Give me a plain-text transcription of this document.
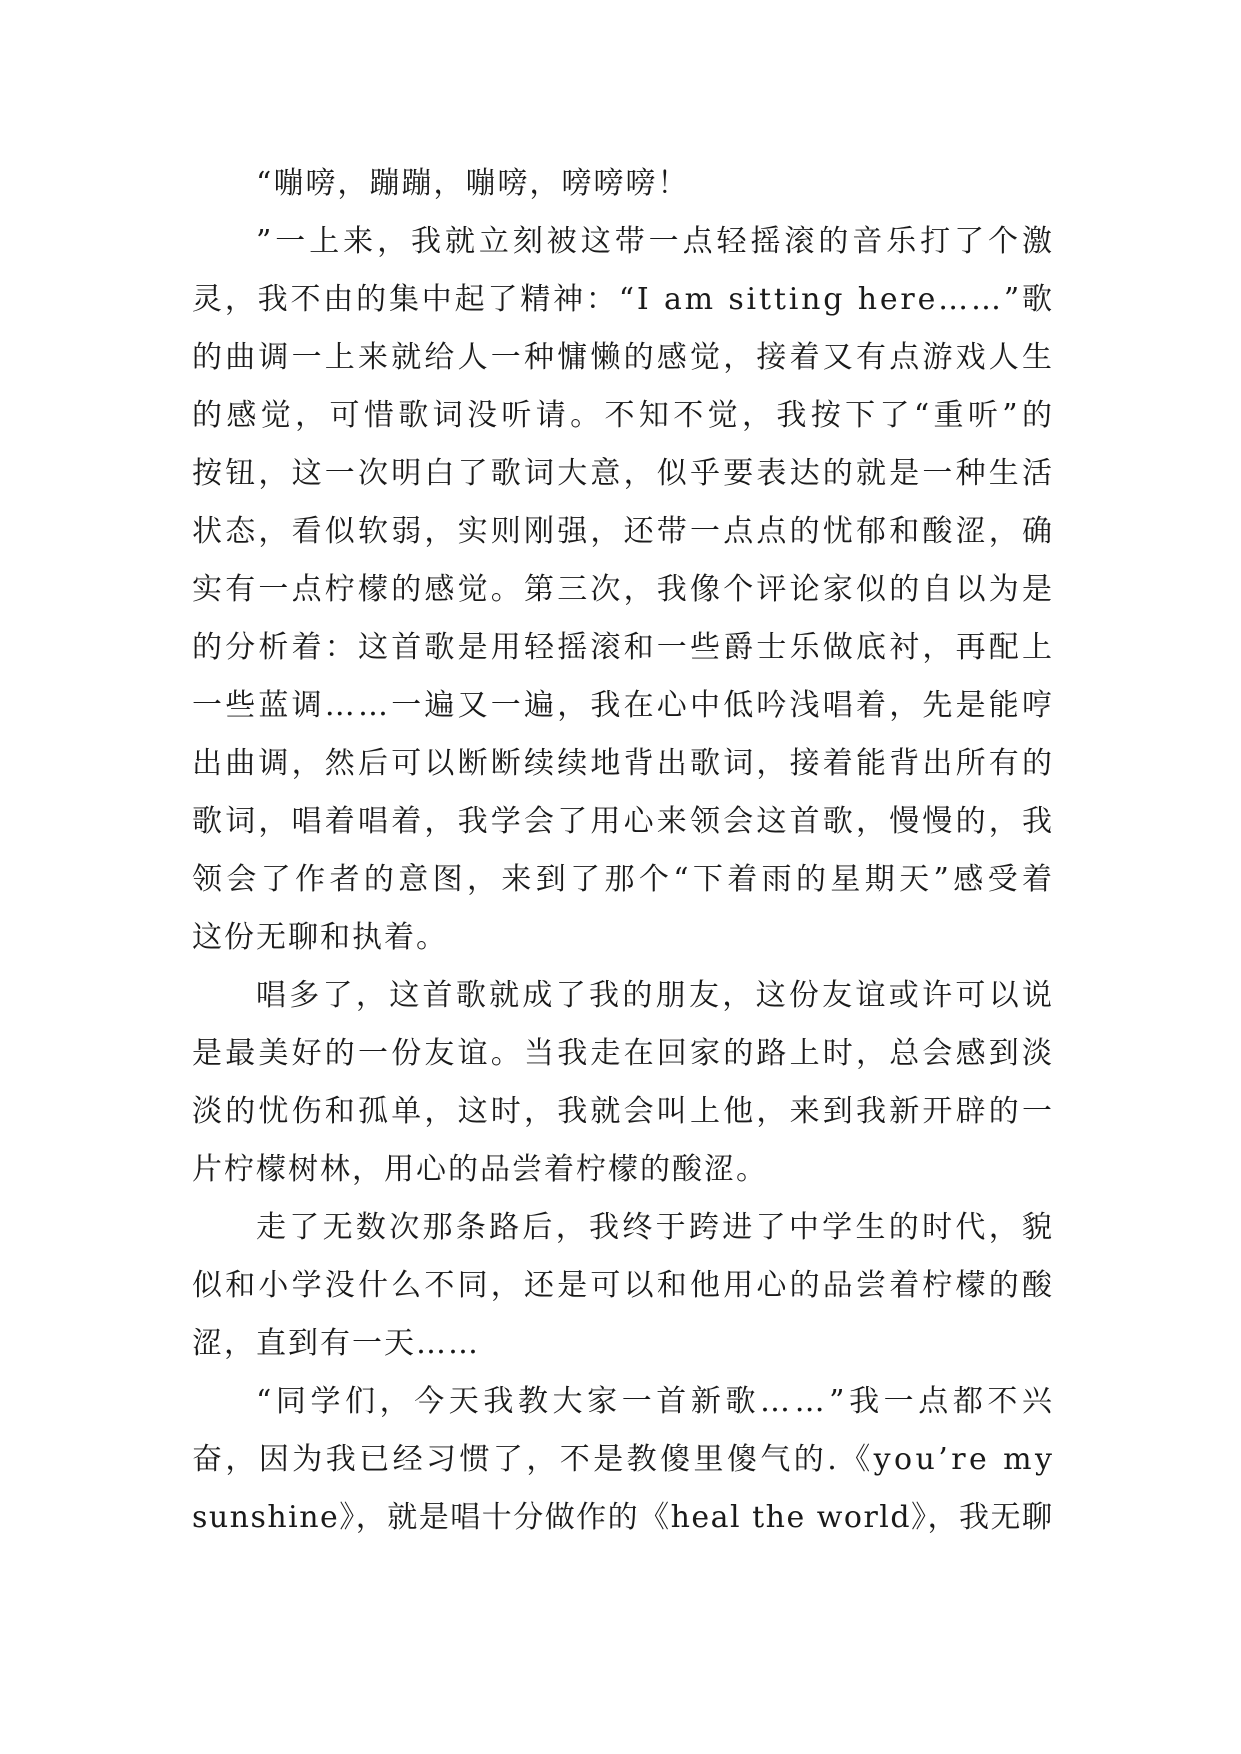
“嘣嗙，蹦蹦，嘣嗙，嗙嗙嗙！
”一上来，我就立刻被这带一点轻摇滚的音乐打了个激
灵，我不由的集中起了精神：“I am sitting here……”歌
的曲调一上来就给人一种慵懒的感觉，接着又有点游戏人生
的感觉，可惜歌词没听请。不知不觉，我按下了“重听”的
按钮，这一次明白了歌词大意，似乎要表达的就是一种生活
状态，看似软弱，实则刚强，还带一点点的忧郁和酸涩，确
实有一点柠檬的感觉。第三次，我像个评论家似的自以为是
的分析着：这首歌是用轻摇滚和一些爵士乐做底衬，再配上
一些蓝调……一遍又一遍，我在心中低吟浅唱着，先是能哼
出曲调，然后可以断断续续地背出歌词，接着能背出所有的
歌词，唱着唱着，我学会了用心来领会这首歌，慢慢的，我
领会了作者的意图，来到了那个“下着雨的星期天”感受着
这份无聊和执着。
唱多了，这首歌就成了我的朋友，这份友谊或许可以说
是最美好的一份友谊。当我走在回家的路上时，总会感到淡
淡的忧伤和孤单，这时，我就会叫上他，来到我新开辟的一
片柠檬树林，用心的品尝着柠檬的酸涩。
走了无数次那条路后，我终于跨进了中学生的时代，貌
似和小学没什么不同，还是可以和他用心的品尝着柠檬的酸
涩，直到有一天……
“同学们，今天我教大家一首新歌……”我一点都不兴
奋，因为我已经习惯了，不是教傻里傻气的.《you’re my
sunshine》，就是唱十分做作的《heal the world》，我无聊
